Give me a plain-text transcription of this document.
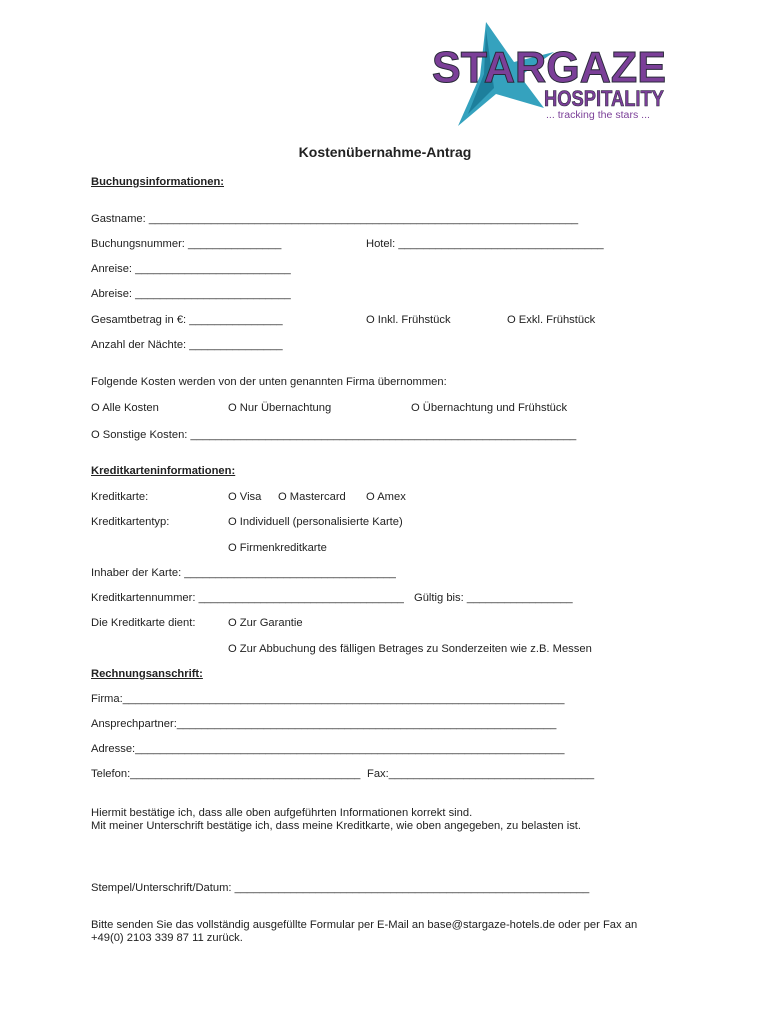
STARGAZE
HOSPITALITY
... tracking the stars ...
Kostenübernahme-Antrag
Buchungsinformationen:
Gastname: _____________________________________________________________________
Buchungsnummer: _______________	Hotel: _________________________________
Anreise: _________________________
Abreise: _________________________
Gesamtbetrag in €: _______________	O Inkl. Frühstück	O Exkl. Frühstück
Anzahl der Nächte: _______________
Folgende Kosten werden von der unten genannten Firma übernommen:
O Alle Kosten	O Nur Übernachtung	O Übernachtung und Frühstück
O Sonstige Kosten: ______________________________________________________________
Kreditkarteninformationen:
Kreditkarte:	O Visa O Mastercard O Amex
Kreditkartentyp:	O Individuell (personalisierte Karte)
O Firmenkreditkarte
Inhaber der Karte: __________________________________
Kreditkartennummer: _________________________________ Gültig bis: _________________
Die Kreditkarte dient:	O Zur Garantie
O Zur Abbuchung des fälligen Betrages zu Sonderzeiten wie z.B. Messen
Rechnungsanschrift:
Firma:_______________________________________________________________________
Ansprechpartner:_____________________________________________________________
Adresse:_____________________________________________________________________
Telefon:_____________________________________ Fax:_________________________________
Hiermit bestätige ich, dass alle oben aufgeführten Informationen korrekt sind.
Mit meiner Unterschrift bestätige ich, dass meine Kreditkarte, wie oben angegeben, zu belasten ist.
Stempel/Unterschrift/Datum: _________________________________________________________
Bitte senden Sie das vollständig ausgefüllte Formular per E-Mail an base@stargaze-hotels.de oder per Fax an
+49(0) 2103 339 87 11 zurück.
